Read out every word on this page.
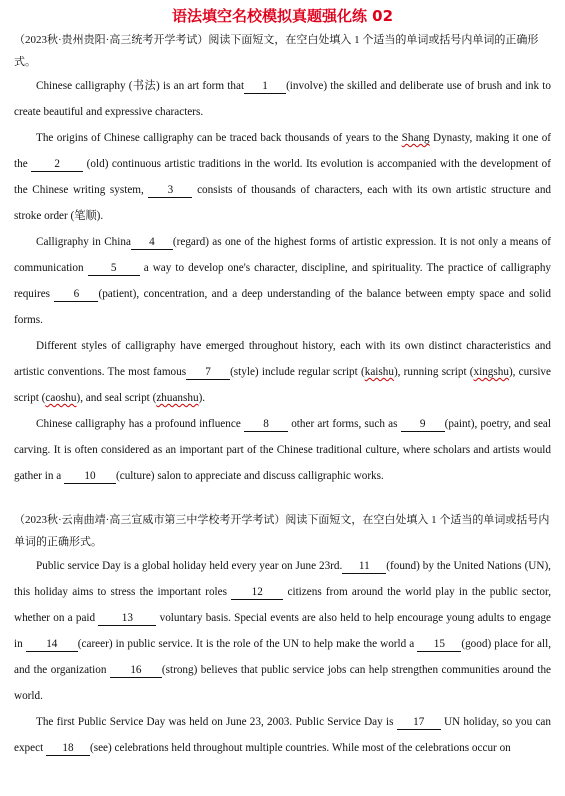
语法填空名校模拟真题强化练 02
（2023秋·贵州贵阳·高三统考开学考试）阅读下面短文，在空白处填入 1 个适当的单词或括号内单词的正确形式。

Chinese calligraphy (书法) is an art form that 1 (involve) the skilled and deliberate use of brush and ink to create beautiful and expressive characters.

The origins of Chinese calligraphy can be traced back thousands of years to the Shang Dynasty, making it one of the 2 (old) continuous artistic traditions in the world. Its evolution is accompanied with the development of the Chinese writing system, 3 consists of thousands of characters, each with its own artistic structure and stroke order (笔顺).

Calligraphy in China 4 (regard) as one of the highest forms of artistic expression. It is not only a means of communication 5 a way to develop one's character, discipline, and spirituality. The practice of calligraphy requires 6 (patient), concentration, and a deep understanding of the balance between empty space and solid forms.

Different styles of calligraphy have emerged throughout history, each with its own distinct characteristics and artistic conventions. The most famous 7 (style) include regular script (kaishu), running script (xingshu), cursive script (caoshu), and seal script (zhuanshu).

Chinese calligraphy has a profound influence 8 other art forms, such as 9 (paint), poetry, and seal carving. It is often considered as an important part of the Chinese traditional culture, where scholars and artists would gather in a 10 (culture) salon to appreciate and discuss calligraphic works.

（2023秋·云南曲靖·高三宣威市第三中学校考开学考试）阅读下面短文，在空白处填入 1 个适当的单词或括号内单词的正确形式。

Public service Day is a global holiday held every year on June 23rd. 11 (found) by the United Nations (UN), this holiday aims to stress the important roles 12 citizens from around the world play in the public sector, whether on a paid 13 voluntary basis. Special events are also held to help encourage young adults to engage in 14 (career) in public service. It is the role of the UN to help make the world a 15 (good) place for all, and the organization 16 (strong) believes that public service jobs can help strengthen communities around the world.

The first Public Service Day was held on June 23, 2003. Public Service Day is 17 UN holiday, so you can expect 18 (see) celebrations held throughout multiple countries. While most of the celebrations occur on
